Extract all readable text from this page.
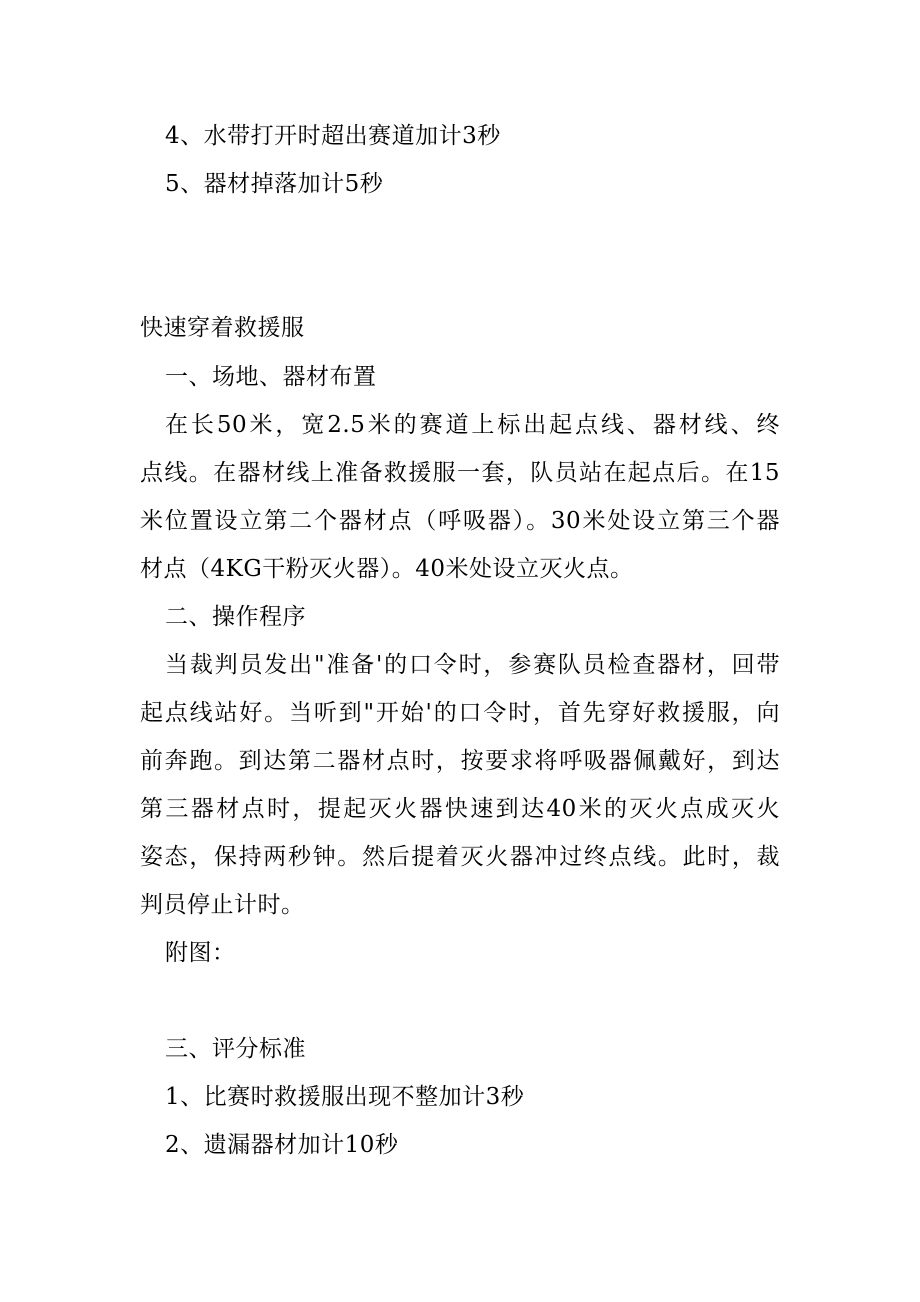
4、水带打开时超出赛道加计3秒
5、器材掉落加计5秒
快速穿着救援服
一、场地、器材布置
在长50米，宽2.5米的赛道上标出起点线、器材线、终
点线。在器材线上准备救援服一套，队员站在起点后。在15
米位置设立第二个器材点（呼吸器）。30米处设立第三个器
材点（4KG干粉灭火器）。40米处设立灭火点。
二、操作程序
当裁判员发出"准备'的口令时，参赛队员检查器材，回带
起点线站好。当听到"开始'的口令时，首先穿好救援服，向
前奔跑。到达第二器材点时，按要求将呼吸器佩戴好，到达
第三器材点时，提起灭火器快速到达40米的灭火点成灭火
姿态，保持两秒钟。然后提着灭火器冲过终点线。此时，裁
判员停止计时。
附图：
三、评分标准
1、比赛时救援服出现不整加计3秒
2、遗漏器材加计10秒
